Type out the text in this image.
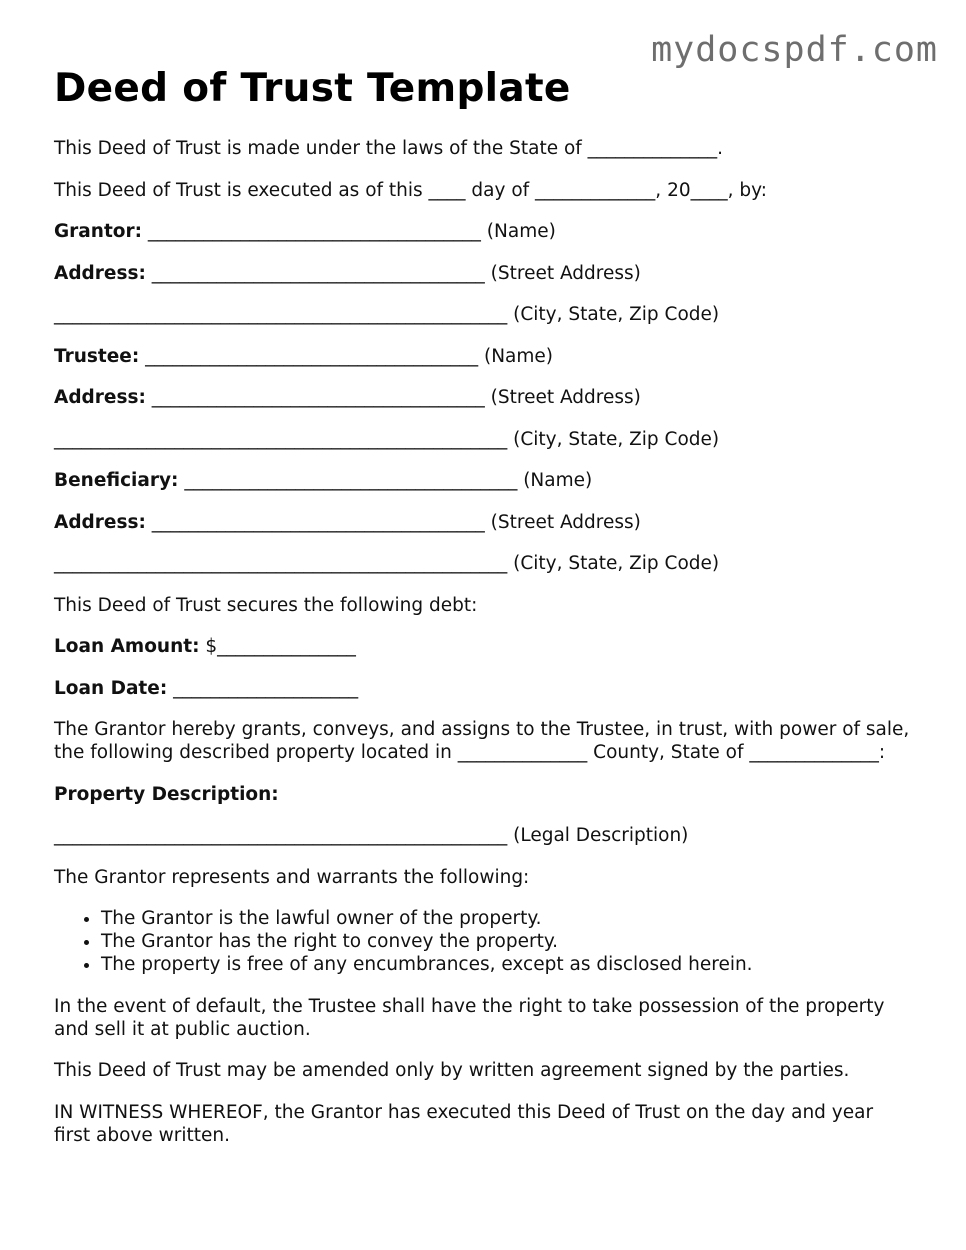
mydocspdf.com

Deed of Trust Template

This Deed of Trust is made under the laws of the State of ______________.

This Deed of Trust is executed as of this ____ day of _____________, 20____, by:

Grantor: ____________________________________ (Name)

Address: ____________________________________ (Street Address)

_________________________________________________ (City, State, Zip Code)

Trustee: ____________________________________ (Name)

Address: ____________________________________ (Street Address)

_________________________________________________ (City, State, Zip Code)

Beneficiary: ____________________________________ (Name)

Address: ____________________________________ (Street Address)

_________________________________________________ (City, State, Zip Code)

This Deed of Trust secures the following debt:

Loan Amount: $_______________

Loan Date: ____________________

The Grantor hereby grants, conveys, and assigns to the Trustee, in trust, with power of sale, the following described property located in ______________ County, State of ______________:

Property Description:

_________________________________________________ (Legal Description)

The Grantor represents and warrants the following:

• The Grantor is the lawful owner of the property.
• The Grantor has the right to convey the property.
• The property is free of any encumbrances, except as disclosed herein.

In the event of default, the Trustee shall have the right to take possession of the property and sell it at public auction.

This Deed of Trust may be amended only by written agreement signed by the parties.

IN WITNESS WHEREOF, the Grantor has executed this Deed of Trust on the day and year first above written.
